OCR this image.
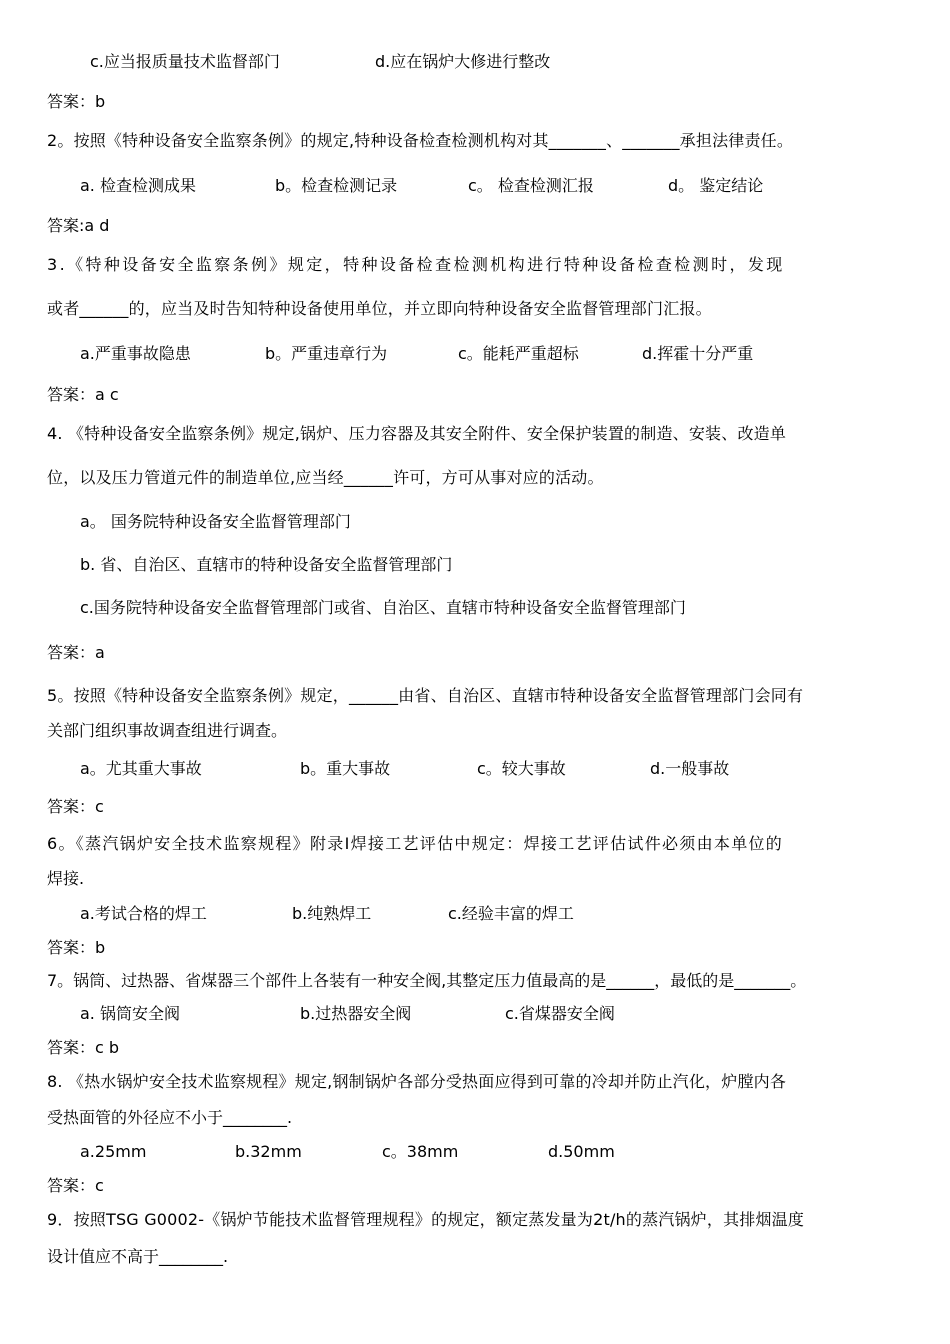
c.应当报质量技术监督部门	d.应在锅炉大修进行整改
答案：b
2。按照《特种设备安全监察条例》的规定,特种设备检查检测机构对其_______、_______承担法律责任。
a. 检查检测成果	b。检查检测记录	c。 检查检测汇报	d。 鉴定结论
答案:a d
3.《特种设备安全监察条例》规定，特种设备检查检测机构进行特种设备检查检测时，发现
或者______的，应当及时告知特种设备使用单位，并立即向特种设备安全监督管理部门汇报。
a.严重事故隐患	b。严重违章行为	c。能耗严重超标	d.挥霍十分严重
答案：a c
4. 《特种设备安全监察条例》规定,锅炉、压力容器及其安全附件、安全保护装置的制造、安装、改造单
位，以及压力管道元件的制造单位,应当经______许可，方可从事对应的活动。
a。 国务院特种设备安全监督管理部门
b. 省、自治区、直辖市的特种设备安全监督管理部门
c.国务院特种设备安全监督管理部门或省、自治区、直辖市特种设备安全监督管理部门
答案：a
5。按照《特种设备安全监察条例》规定，______由省、自治区、直辖市特种设备安全监督管理部门会同有
关部门组织事故调查组进行调查。
a。尤其重大事故	b。重大事故	c。较大事故	d.一般事故
答案：c
6。《蒸汽锅炉安全技术监察规程》附录Ⅰ焊接工艺评估中规定：焊接工艺评估试件必须由本单位的
焊接.
a.考试合格的焊工	b.纯熟焊工	c.经验丰富的焊工
答案：b
7。锅筒、过热器、省煤器三个部件上各装有一种安全阀,其整定压力值最高的是______，最低的是_______。
a. 锅筒安全阀	b.过热器安全阀	c.省煤器安全阀
答案：c b
8. 《热水锅炉安全技术监察规程》规定,钢制锅炉各部分受热面应得到可靠的冷却并防止汽化，炉膛内各
受热面管的外径应不小于________.
a.25mm	b.32mm	c。38mm	d.50mm
答案：c
9．按照TSG G0002-《锅炉节能技术监督管理规程》的规定，额定蒸发量为2t/h的蒸汽锅炉，其排烟温度
设计值应不高于________.
